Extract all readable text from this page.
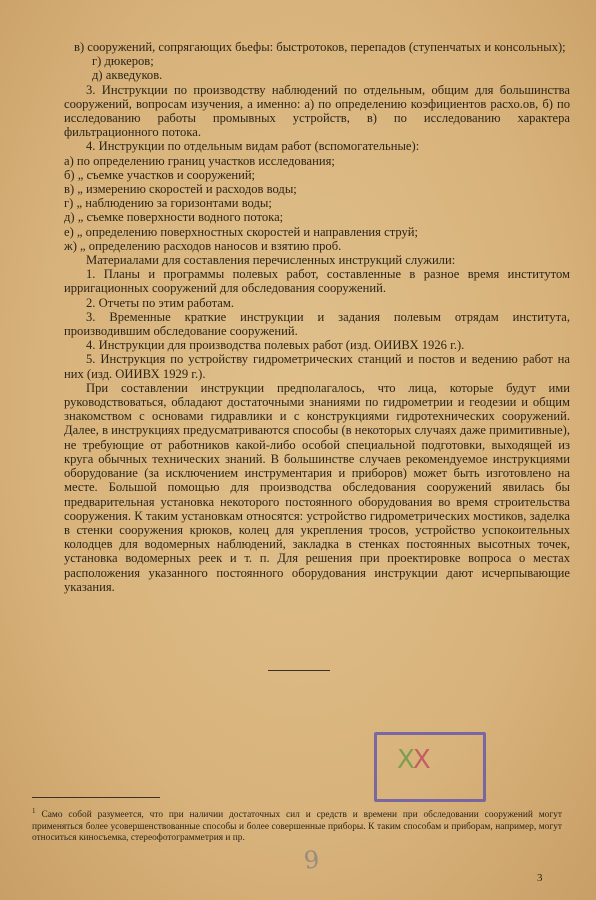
в) сооружений, сопрягающих бьефы: быстротоков, перепадов (ступенчатых и консольных);

г) дюкеров;

д) акведуков.

3. Инструкции по производству наблюдений по отдельным, общим для большинства сооружений, вопросам изучения, а именно: а) по определению коэфициентов расхо.ов, б) по исследованию работы промывных устройств, в) по исследованию характера фильтрационного потока.

4. Инструкции по отдельным видам работ (вспомогательные):

а) по определению границ участков исследования;

б) „ съемке участков и сооружений;

в) „ измерению скоростей и расходов воды;

г) „ наблюдению за горизонтами воды;

д) „ съемке поверхности водного потока;

е) „ определению поверхностных скоростей и направления струй;

ж) „ определению расходов наносов и взятию проб.

Материалами для составления перечисленных инструкций служили:

1. Планы и программы полевых работ, составленные в разное время институтом ирригационных сооружений для обследования сооружений.

2. Отчеты по этим работам.

3. Временные краткие инструкции и задания полевым отрядам института, производившим обследование сооружений.

4. Инструкции для производства полевых работ (изд. ОИИВХ 1926 г.).

5. Инструкция по устройству гидрометрических станций и постов и ведению работ на них (изд. ОИИВХ 1929 г.).

При составлении инструкции предполагалось, что лица, которые будут ими руководствоваться, обладают достаточными знаниями по гидрометрии и геодезии и общим знакомством с основами гидравлики и с конструкциями гидротехнических сооружений. Далее, в инструкциях предусматриваются способы (в некоторых случаях даже примитивные), не требующие от работников какой-либо особой специальной подготовки, выходящей из круга обычных технических знаний. В большинстве случаев рекомендуемое инструкциями оборудование (за исключением инструментария и приборов) может быть изготовлено на месте. Большой помощью для производства обследования сооружений явилась бы предварительная установка некоторого постоянного оборудования во время строительства сооружения. К таким установкам относятся: устройство гидрометрических мостиков, заделка в стенки сооружения крюков, колец для укрепления тросов, устройство успокоительных колодцев для водомерных наблюдений, закладка в стенках постоянных высотных точек, установка водомерных реек и т. п. Для решения при проектировке вопроса о местах расположения указанного постоянного оборудования инструкции дают исчерпывающие указания.

XX
9
$^1$ Само собой разумеется, что при наличии достаточных сил и средств и времени при обследовании сооружений могут применяться более усовершенствованные способы и более совершенные приборы. К таким способам и приборам, например, могут относиться киносъемка, стереофотограмметрия и пр.
3
